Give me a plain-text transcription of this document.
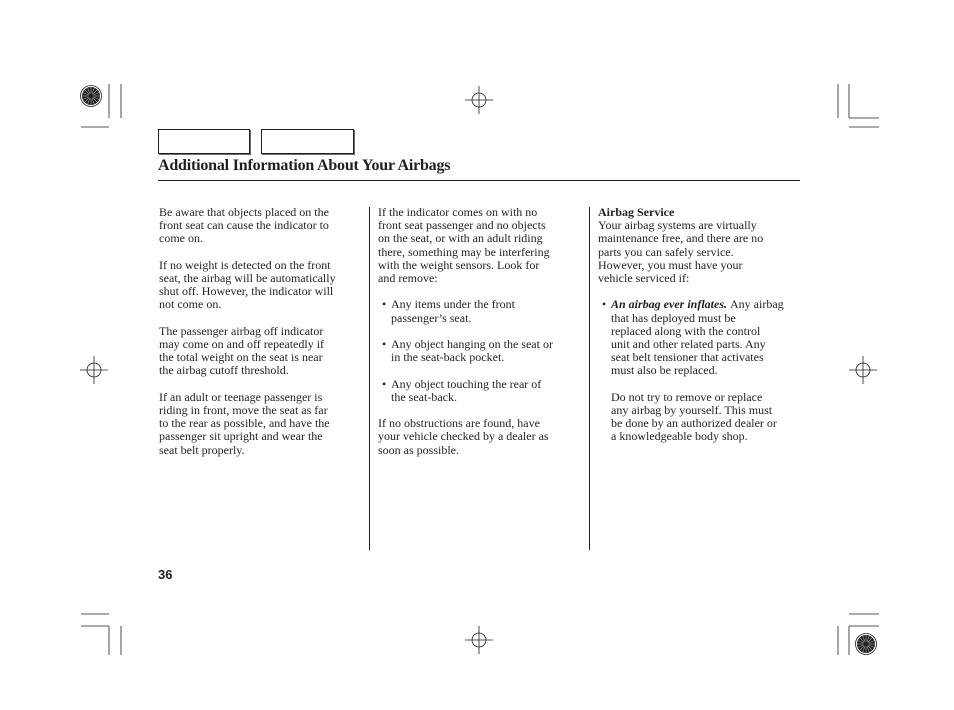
Additional Information About Your Airbags
Be aware that objects placed on the
front seat can cause the indicator to
come on.
If no weight is detected on the front
seat, the airbag will be automatically
shut off. However, the indicator will
not come on.
The passenger airbag off indicator
may come on and off repeatedly if
the total weight on the seat is near
the airbag cutoff threshold.
If an adult or teenage passenger is
riding in front, move the seat as far
to the rear as possible, and have the
passenger sit upright and wear the
seat belt properly.
If the indicator comes on with no
front seat passenger and no objects
on the seat, or with an adult riding
there, something may be interfering
with the weight sensors. Look for
and remove:
• Any items under the front
passenger’s seat.
• Any object hanging on the seat or
in the seat-back pocket.
• Any object touching the rear of
the seat-back.
If no obstructions are found, have
your vehicle checked by a dealer as
soon as possible.
Airbag Service
Your airbag systems are virtually
maintenance free, and there are no
parts you can safely service.
However, you must have your
vehicle serviced if:
• An airbag ever inflates. Any airbag
that has deployed must be
replaced along with the control
unit and other related parts. Any
seat belt tensioner that activates
must also be replaced.
Do not try to remove or replace
any airbag by yourself. This must
be done by an authorized dealer or
a knowledgeable body shop.
36
